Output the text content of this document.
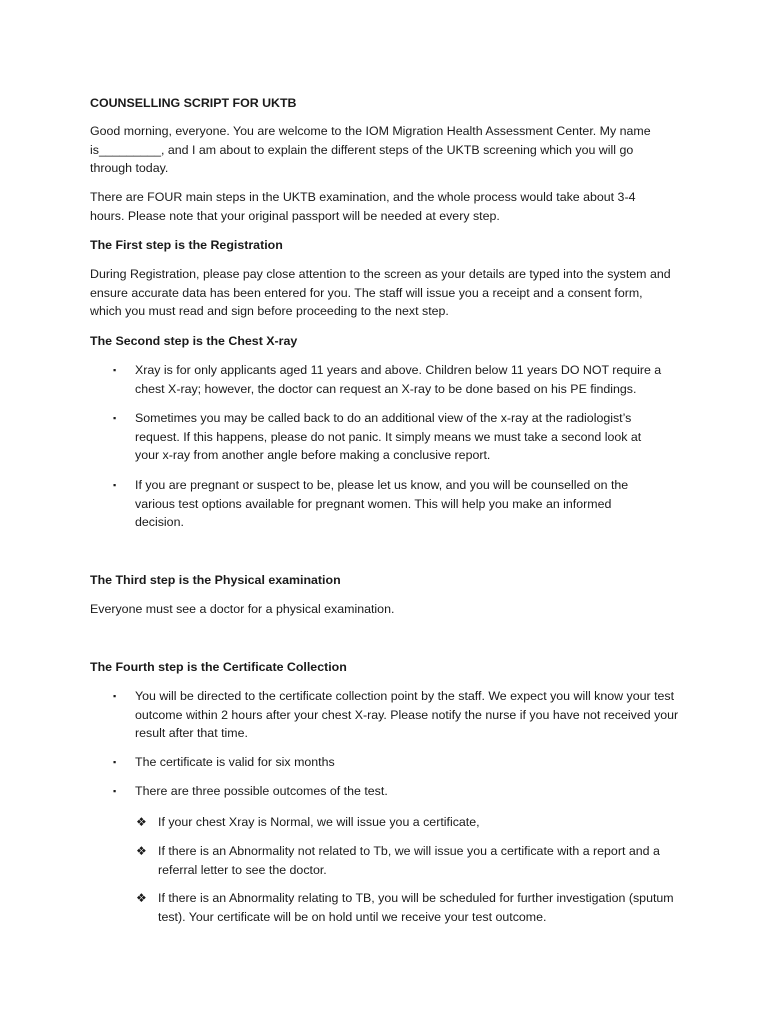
COUNSELLING SCRIPT FOR UKTB

Good morning, everyone. You are welcome to the IOM Migration Health Assessment Center. My name is_________, and I am about to explain the different steps of the UKTB screening which you will go through today.

There are FOUR main steps in the UKTB examination, and the whole process would take about 3-4 hours. Please note that your original passport will be needed at every step.

The First step is the Registration

During Registration, please pay close attention to the screen as your details are typed into the system and ensure accurate data has been entered for you. The staff will issue you a receipt and a consent form, which you must read and sign before proceeding to the next step.

The Second step is the Chest X-ray

▪ Xray is for only applicants aged 11 years and above. Children below 11 years DO NOT require a chest X-ray; however, the doctor can request an X-ray to be done based on his PE findings.

▪ Sometimes you may be called back to do an additional view of the x-ray at the radiologist’s request. If this happens, please do not panic. It simply means we must take a second look at your x-ray from another angle before making a conclusive report.

▪ If you are pregnant or suspect to be, please let us know, and you will be counselled on the various test options available for pregnant women. This will help you make an informed decision.

The Third step is the Physical examination

Everyone must see a doctor for a physical examination.

The Fourth step is the Certificate Collection

▪ You will be directed to the certificate collection point by the staff. We expect you will know your test outcome within 2 hours after your chest X-ray. Please notify the nurse if you have not received your result after that time.

▪ The certificate is valid for six months

▪ There are three possible outcomes of the test.

❖ If your chest Xray is Normal, we will issue you a certificate,

❖ If there is an Abnormality not related to Tb, we will issue you a certificate with a report and a referral letter to see the doctor.

❖ If there is an Abnormality relating to TB, you will be scheduled for further investigation (sputum test). Your certificate will be on hold until we receive your test outcome.
